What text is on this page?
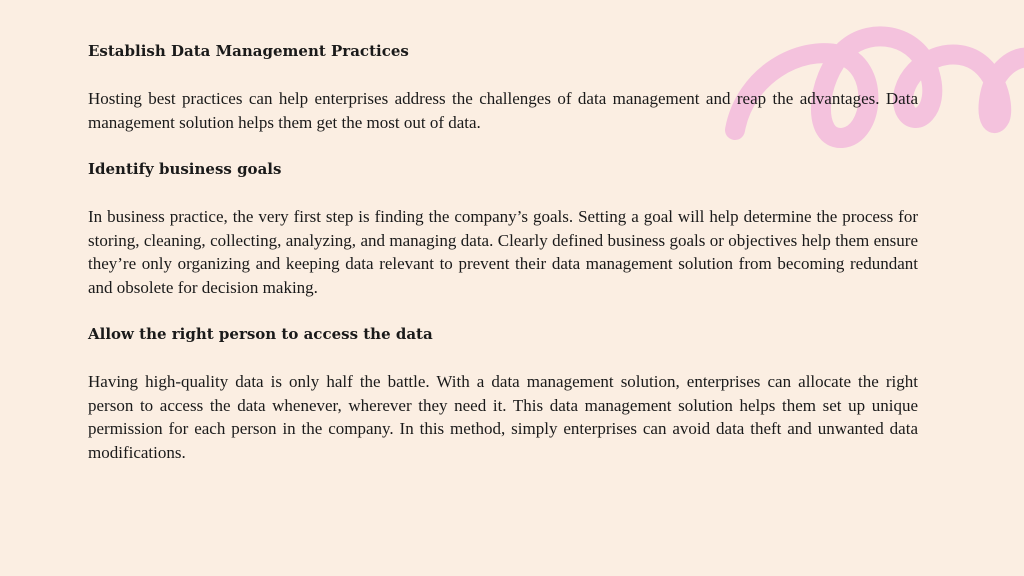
Establish Data Management Practices
Hosting best practices can help enterprises address the challenges of data management and reap the advantages. Data management solution helps them get the most out of data.
Identify business goals
In business practice, the very first step is finding the company’s goals. Setting a goal will help determine the process for storing, cleaning, collecting, analyzing, and managing data. Clearly defined business goals or objectives help them ensure they’re only organizing and keeping data relevant to prevent their data management solution from becoming redundant and obsolete for decision making.
Allow the right person to access the data
Having high-quality data is only half the battle. With a data management solution, enterprises can allocate the right person to access the data whenever, wherever they need it. This data management solution helps them set up unique permission for each person in the company. In this method, simply enterprises can avoid data theft and unwanted data modifications.
